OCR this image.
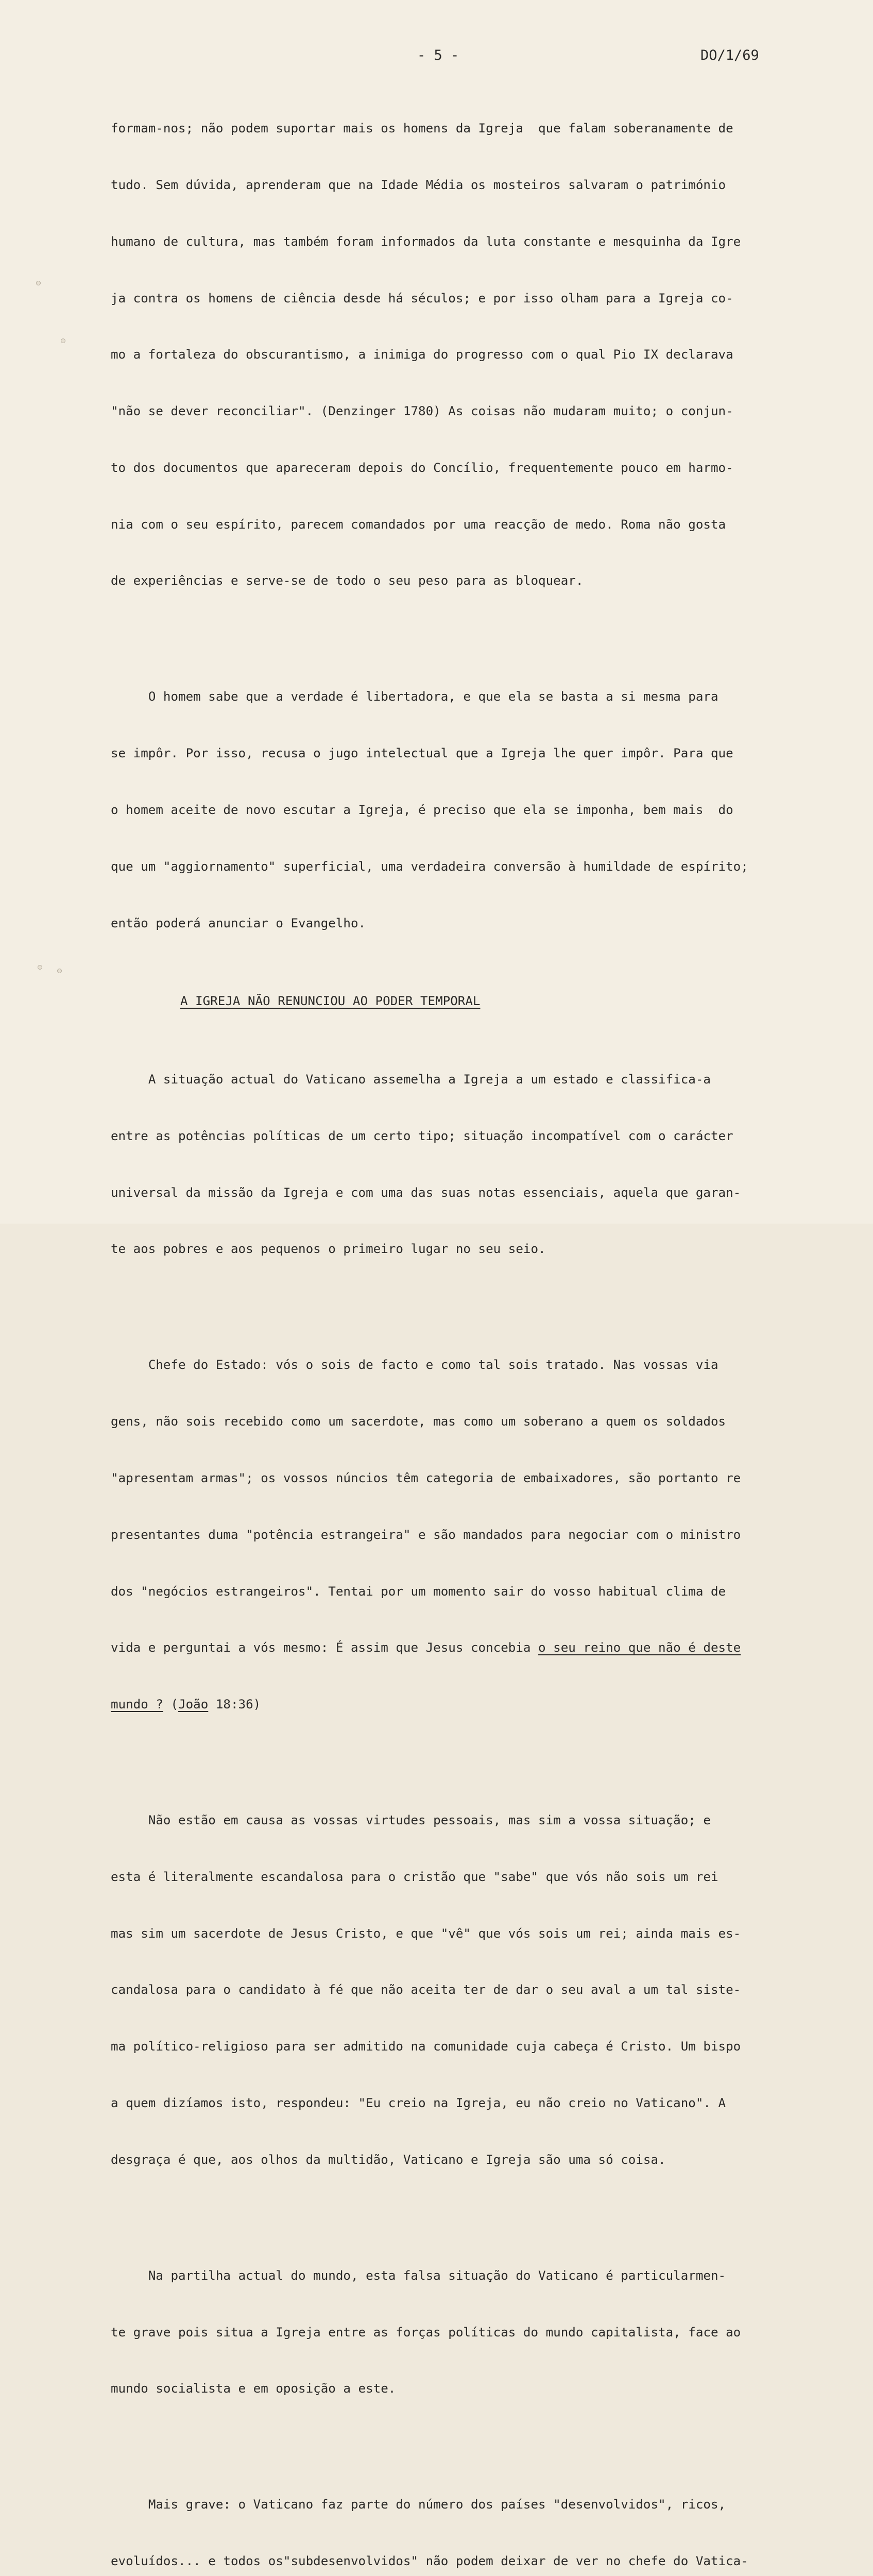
- 5 -	DO/1/69

formam-nos; não podem suportar mais os homens da Igreja  que falam soberanamente de

tudo. Sem dúvida, aprenderam que na Idade Média os mosteiros salvaram o património

humano de cultura, mas também foram informados da luta constante e mesquinha da Igre

ja contra os homens de ciência desde há séculos; e por isso olham para a Igreja co-

mo a fortaleza do obscurantismo, a inimiga do progresso com o qual Pio IX declarava

"não se dever reconciliar". (Denzinger 1780) As coisas não mudaram muito; o conjun-

to dos documentos que apareceram depois do Concílio, frequentemente pouco em harmo-

nia com o seu espírito, parecem comandados por uma reacção de medo. Roma não gosta

de experiências e serve-se de todo o seu peso para as bloquear.

O homem sabe que a verdade é libertadora, e que ela se basta a si mesma para

se impôr. Por isso, recusa o jugo intelectual que a Igreja lhe quer impôr. Para que

o homem aceite de novo escutar a Igreja, é preciso que ela se imponha, bem mais  do

que um "aggiornamento" superficial, uma verdadeira conversão à humildade de espírito;

então poderá anunciar o Evangelho.

A IGREJA NÃO RENUNCIOU AO PODER TEMPORAL

A situação actual do Vaticano assemelha a Igreja a um estado e classifica-a

entre as potências políticas de um certo tipo; situação incompatível com o carácter

universal da missão da Igreja e com uma das suas notas essenciais, aquela que garan-

te aos pobres e aos pequenos o primeiro lugar no seu seio.

Chefe do Estado: vós o sois de facto e como tal sois tratado. Nas vossas via

gens, não sois recebido como um sacerdote, mas como um soberano a quem os soldados

"apresentam armas"; os vossos núncios têm categoria de embaixadores, são portanto re

presentantes duma "potência estrangeira" e são mandados para negociar com o ministro

dos "negócios estrangeiros". Tentai por um momento sair do vosso habitual clima de

vida e perguntai a vós mesmo: É assim que Jesus concebia o seu reino que não é deste

mundo ? (João 18:36)

Não estão em causa as vossas virtudes pessoais, mas sim a vossa situação; e

esta é literalmente escandalosa para o cristão que "sabe" que vós não sois um rei

mas sim um sacerdote de Jesus Cristo, e que "vê" que vós sois um rei; ainda mais es-

candalosa para o candidato à fé que não aceita ter de dar o seu aval a um tal siste-

ma político-religioso para ser admitido na comunidade cuja cabeça é Cristo. Um bispo

a quem dizíamos isto, respondeu: "Eu creio na Igreja, eu não creio no Vaticano". A

desgraça é que, aos olhos da multidão, Vaticano e Igreja são uma só coisa.

Na partilha actual do mundo, esta falsa situação do Vaticano é particularmen-

te grave pois situa a Igreja entre as forças políticas do mundo capitalista, face ao

mundo socialista e em oposição a este.

Mais grave: o Vaticano faz parte do número dos países "desenvolvidos", ricos,

evoluídos... e todos os"subdesenvolvidos" não podem deixar de ver no chefe do Vatica-
